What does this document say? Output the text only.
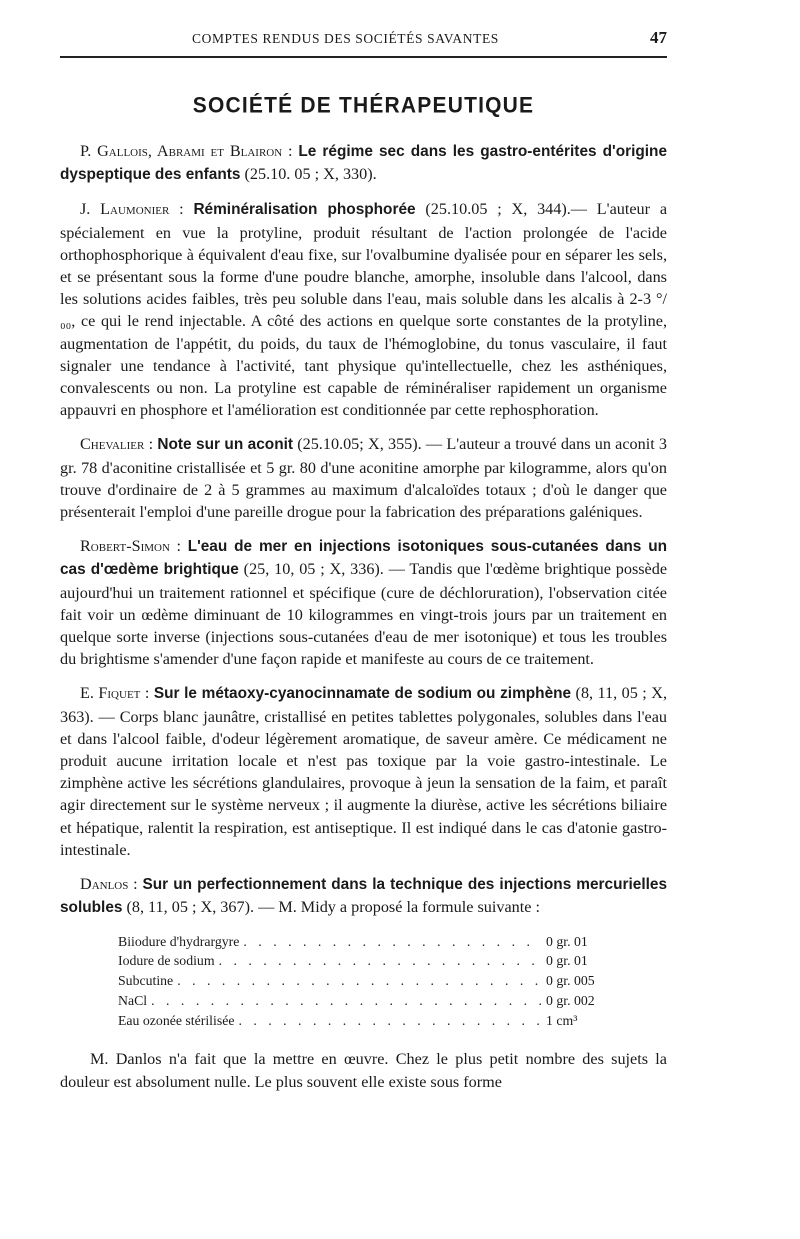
COMPTES RENDUS DES SOCIÉTÉS SAVANTES	47
SOCIÉTÉ DE THÉRAPEUTIQUE

P. Gallois, Abrami et Blairon : Le régime sec dans les gastro-entérites d'origine dyspeptique des enfants (25.10. 05 ; X, 330).

J. Laumonier : Réminéralisation phosphorée (25.10.05 ; X, 344).— L'auteur a spécialement en vue la protyline, produit résultant de l'action prolongée de l'acide orthophosphorique à équivalent d'eau fixe, sur l'ovalbumine dyalisée pour en séparer les sels, et se présentant sous la forme d'une poudre blanche, amorphe, insoluble dans l'alcool, dans les solutions acides faibles, très peu soluble dans l'eau, mais soluble dans les alcalis à 2-3 °/₀₀, ce qui le rend injectable. A côté des actions en quelque sorte constantes de la protyline, augmentation de l'appétit, du poids, du taux de l'hémoglobine, du tonus vasculaire, il faut signaler une tendance à l'activité, tant physique qu'intellectuelle, chez les asthéniques, convalescents ou non. La protyline est capable de réminéraliser rapidement un organisme appauvri en phosphore et l'amélioration est conditionnée par cette rephosphoration.

Chevalier : Note sur un aconit (25.10.05; X, 355). — L'auteur a trouvé dans un aconit 3 gr. 78 d'aconitine cristallisée et 5 gr. 80 d'une aconitine amorphe par kilogramme, alors qu'on trouve d'ordinaire de 2 à 5 grammes au maximum d'alcaloïdes totaux ; d'où le danger que présenterait l'emploi d'une pareille drogue pour la fabrication des préparations galéniques.

Robert-Simon : L'eau de mer en injections isotoniques sous-cutanées dans un cas d'œdème brightique (25, 10, 05 ; X, 336). — Tandis que l'œdème brightique possède aujourd'hui un traitement rationnel et spécifique (cure de déchloruration), l'observation citée fait voir un œdème diminuant de 10 kilogrammes en vingt-trois jours par un traitement en quelque sorte inverse (injections sous-cutanées d'eau de mer isotonique) et tous les troubles du brightisme s'amender d'une façon rapide et manifeste au cours de ce traitement.

E. Fiquet : Sur le métaoxy-cyanocinnamate de sodium ou zimphène (8, 11, 05 ; X, 363). — Corps blanc jaunâtre, cristallisé en petites tablettes polygonales, solubles dans l'eau et dans l'alcool faible, d'odeur légèrement aromatique, de saveur amère. Ce médicament ne produit aucune irritation locale et n'est pas toxique par la voie gastro-intestinale. Le zimphène active les sécrétions glandulaires, provoque à jeun la sensation de la faim, et paraît agir directement sur le système nerveux ; il augmente la diurèse, active les sécrétions biliaire et hépatique, ralentit la respiration, est antiseptique. Il est indiqué dans le cas d'atonie gastro-intestinale.

Danlos : Sur un perfectionnement dans la technique des injections mercurielles solubles (8, 11, 05 ; X, 367). — M. Midy a proposé la formule suivante :

Biiodure d'hydrargyre . . .	0 gr. 01
Iodure de sodium . . .	0 gr. 01
Subcutine . . .	0 gr. 005
NaCl . . .	0 gr. 002
Eau ozonée stérilisée . . .	1 cm³

M. Danlos n'a fait que la mettre en œuvre. Chez le plus petit nombre des sujets la douleur est absolument nulle. Le plus souvent elle existe sous forme
